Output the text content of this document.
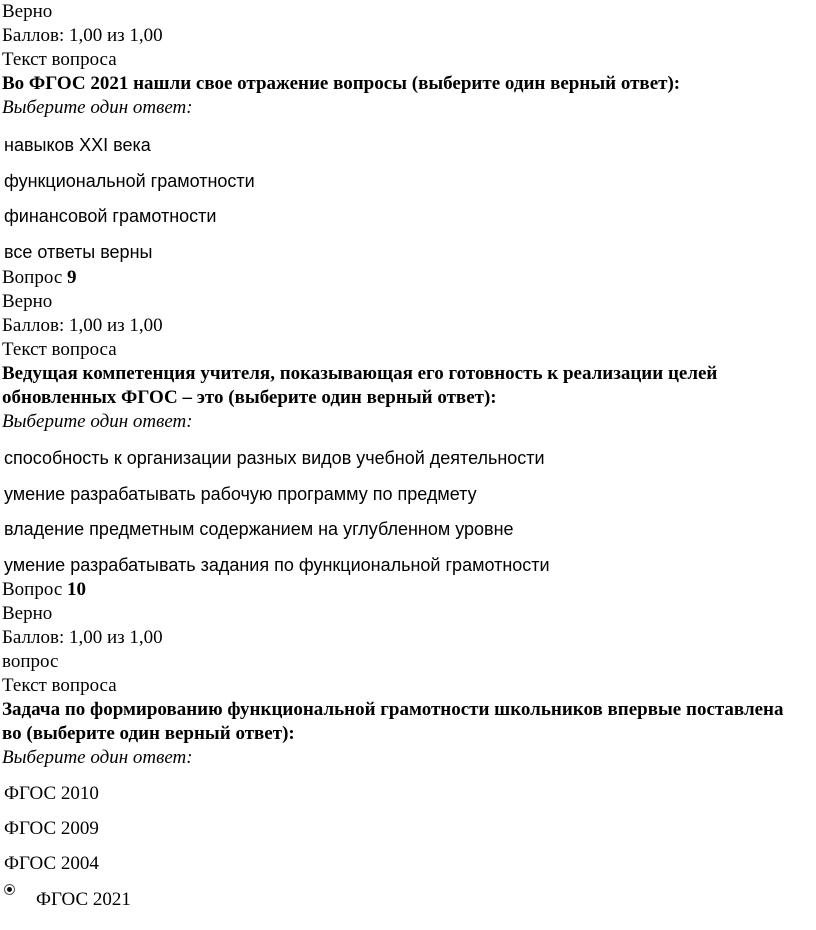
Верно
Баллов: 1,00 из 1,00
Текст вопроса
Во ФГОС 2021 нашли свое отражение вопросы (выберите один верный ответ):
Выберите один ответ:
навыков XXI века
функциональной грамотности
финансовой грамотности
все ответы верны
Вопрос 9
Верно
Баллов: 1,00 из 1,00
Текст вопроса
Ведущая компетенция учителя, показывающая его готовность к реализации целей обновленных ФГОС – это (выберите один верный ответ):
Выберите один ответ:
способность к организации разных видов учебной деятельности
умение разрабатывать рабочую программу по предмету
владение предметным содержанием на углубленном уровне
умение разрабатывать задания по функциональной грамотности
Вопрос 10
Верно
Баллов: 1,00 из 1,00
вопрос
Текст вопроса
Задача по формированию функциональной грамотности школьников впервые поставлена во (выберите один верный ответ):
Выберите один ответ:
ФГОС 2010
ФГОС 2009
ФГОС 2004
ФГОС 2021
